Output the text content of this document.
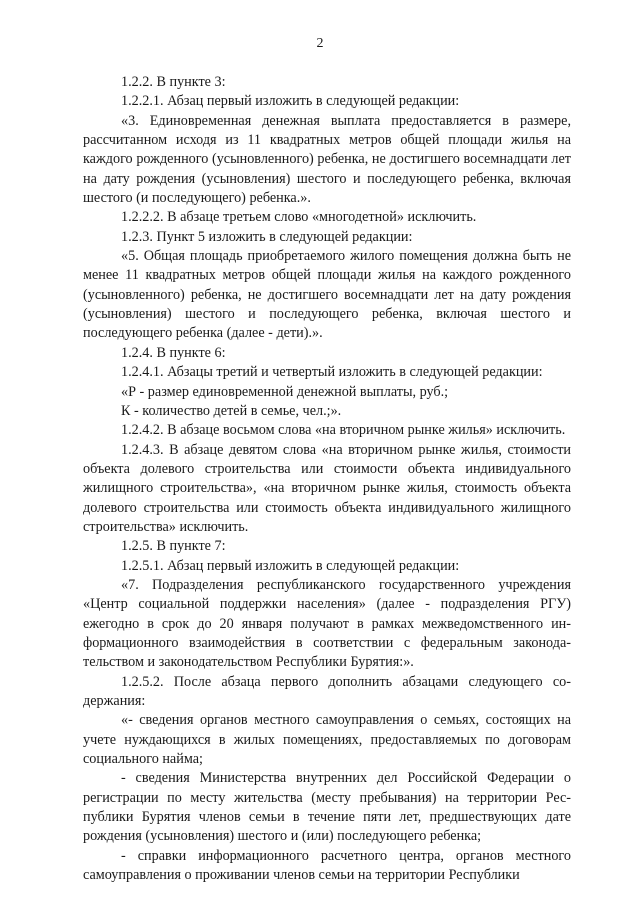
2

1.2.2. В пункте 3:

1.2.2.1. Абзац первый изложить в следующей редакции:

«3. Единовременная денежная выплата предоставляется в размере, рассчитанном исходя из 11 квадратных метров общей площади жилья на каждого рожденного (усыновленного) ребенка, не достигшего восемнадцати лет на дату рождения (усыновления) шестого и последующего ребенка, включая шестого (и последующего) ребенка.».

1.2.2.2. В абзаце третьем слово «многодетной» исключить.

1.2.3. Пункт 5 изложить в следующей редакции:

«5. Общая площадь приобретаемого жилого помещения должна быть не менее 11 квадратных метров общей площади жилья на каждого рожденного (усыновленного) ребенка, не достигшего восемнадцати лет на дату рождения (усыновления) шестого и последующего ребенка, включая шестого и последующего ребенка (далее - дети).».

1.2.4. В пункте 6:

1.2.4.1. Абзацы третий и четвертый изложить в следующей редакции:

«Р - размер единовременной денежной выплаты, руб.;

К - количество детей в семье, чел.;».

1.2.4.2. В абзаце восьмом слова «на вторичном рынке жилья» исключить.

1.2.4.3. В абзаце девятом слова «на вторичном рынке жилья, стоимости объекта долевого строительства или стоимости объекта индивидуального жилищного строительства», «на вторичном рынке жилья, стоимость объекта долевого строительства или стоимость объекта индивидуального жилищного строительства» исключить.

1.2.5. В пункте 7:

1.2.5.1. Абзац первый изложить в следующей редакции:

«7. Подразделения республиканского государственного учреждения «Центр социальной поддержки населения» (далее - подразделения РГУ) ежегодно в срок до 20 января получают в рамках межведомственного информационного взаимодействия в соответствии с федеральным законодательством и законодательством Республики Бурятия:».

1.2.5.2. После абзаца первого дополнить абзацами следующего содержания:

«- сведения органов местного самоуправления о семьях, состоящих на учете нуждающихся в жилых помещениях, предоставляемых по договорам социального найма;

- сведения Министерства внутренних дел Российской Федерации о регистрации по месту жительства (месту пребывания) на территории Республики Бурятия членов семьи в течение пяти лет, предшествующих дате рождения (усыновления) шестого и (или) последующего ребенка;

- справки информационного расчетного центра, органов местного самоуправления о проживании членов семьи на территории Республики
